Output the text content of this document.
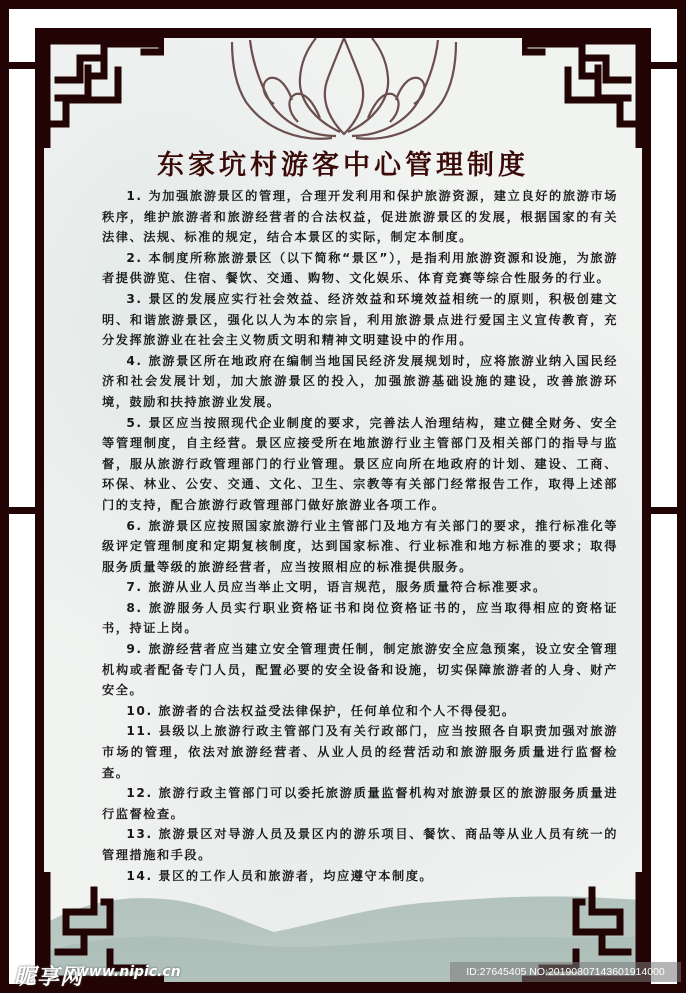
东家坑村游客中心管理制度

1. 为加强旅游景区的管理，合理开发利用和保护旅游资源，建立良好的旅游市场秩序，维护旅游者和旅游经营者的合法权益，促进旅游景区的发展，根据国家的有关法律、法规、标准的规定，结合本景区的实际，制定本制度。

2. 本制度所称旅游景区（以下简称“景区”），是指利用旅游资源和设施，为旅游者提供游览、住宿、餐饮、交通、购物、文化娱乐、体育竞赛等综合性服务的行业。

3. 景区的发展应实行社会效益、经济效益和环境效益相统一的原则，积极创建文明、和谐旅游景区，强化以人为本的宗旨，利用旅游景点进行爱国主义宣传教育，充分发挥旅游业在社会主义物质文明和精神文明建设中的作用。

4. 旅游景区所在地政府在编制当地国民经济发展规划时，应将旅游业纳入国民经济和社会发展计划，加大旅游景区的投入，加强旅游基础设施的建设，改善旅游环境，鼓励和扶持旅游业发展。

5. 景区应当按照现代企业制度的要求，完善法人治理结构，建立健全财务、安全等管理制度，自主经营。景区应接受所在地旅游行业主管部门及相关部门的指导与监督，服从旅游行政管理部门的行业管理。景区应向所在地政府的计划、建设、工商、环保、林业、公安、交通、文化、卫生、宗教等有关部门经常报告工作，取得上述部门的支持，配合旅游行政管理部门做好旅游业各项工作。

6. 旅游景区应按照国家旅游行业主管部门及地方有关部门的要求，推行标准化等级评定管理制度和定期复核制度，达到国家标准、行业标准和地方标准的要求；取得服务质量等级的旅游经营者，应当按照相应的标准提供服务。

7. 旅游从业人员应当举止文明，语言规范，服务质量符合标准要求。

8. 旅游服务人员实行职业资格证书和岗位资格证书的，应当取得相应的资格证书，持证上岗。

9. 旅游经营者应当建立安全管理责任制，制定旅游安全应急预案，设立安全管理机构或者配备专门人员，配置必要的安全设备和设施，切实保障旅游者的人身、财产安全。

10. 旅游者的合法权益受法律保护，任何单位和个人不得侵犯。

11. 县级以上旅游行政主管部门及有关行政部门，应当按照各自职责加强对旅游市场的管理，依法对旅游经营者、从业人员的经营活动和旅游服务质量进行监督检查。

12. 旅游行政主管部门可以委托旅游质量监督机构对旅游景区的旅游服务质量进行监督检查。

13. 旅游景区对导游人员及景区内的游乐项目、餐饮、商品等从业人员有统一的管理措施和手段。

14. 景区的工作人员和旅游者，均应遵守本制度。

昵享网
www.nipic.cn	ID:27645405 NO:20190807143601914000
